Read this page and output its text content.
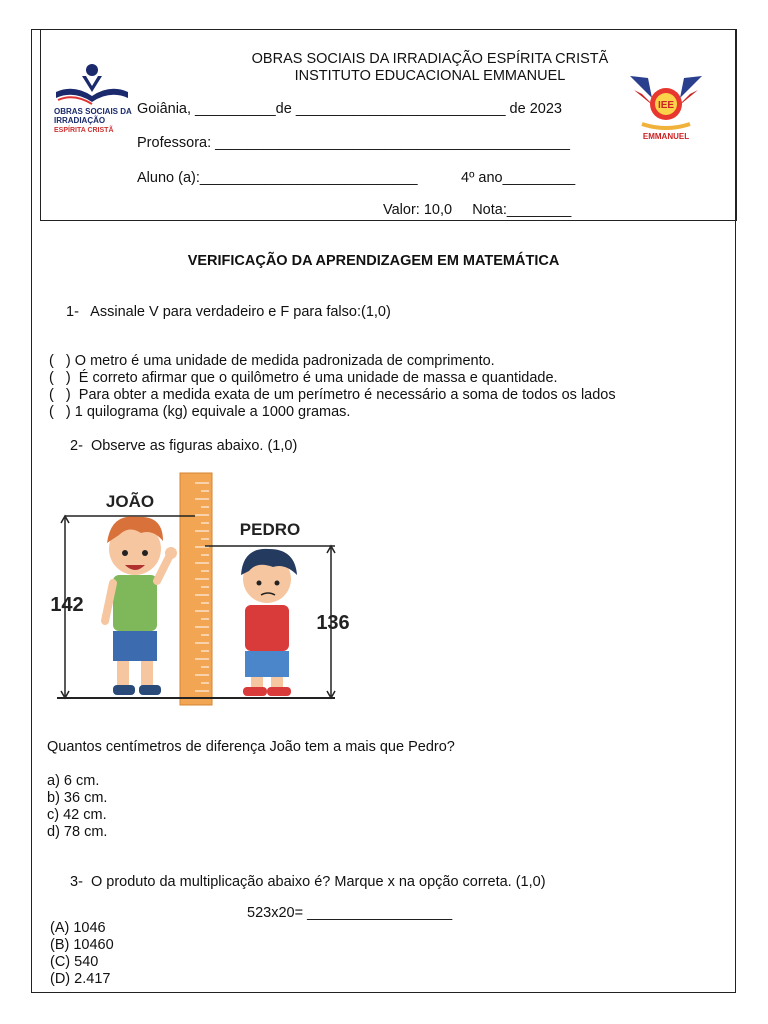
OBRAS SOCIAIS DA
IRRADIAÇÃO
ESPÍRITA CRISTÃ
IEE
EMMANUEL
OBRAS SOCIAIS DA IRRADIAÇÃO ESPÍRITA CRISTÃ
INSTITUTO EDUCACIONAL EMMANUEL
Goiânia, __________de __________________________ de 2023
Professora: ____________________________________________
Aluno (a):___________________________	4º ano_________
Valor: 10,0     Nota:________
VERIFICAÇÃO DA APRENDIZAGEM EM MATEMÁTICA
1-   Assinale V para verdadeiro e F para falso:(1,0)
(   ) O metro é uma unidade de medida padronizada de comprimento.
(   )  É correto afirmar que o quilômetro é uma unidade de massa e quantidade.
(   )  Para obter a medida exata de um perímetro é necessário a soma de todos os lados
(   ) 1 quilograma (kg) equivale a 1000 gramas.
2-  Observe as figuras abaixo. (1,0)
JOÃO
PEDRO
142
136
Quantos centímetros de diferença João tem a mais que Pedro?
a) 6 cm.
b) 36 cm.
c) 42 cm.
d) 78 cm.
3-  O produto da multiplicação abaixo é? Marque x na opção correta. (1,0)
523x20= __________________
(A) 1046
(B) 10460
(C) 540
(D) 2.417
